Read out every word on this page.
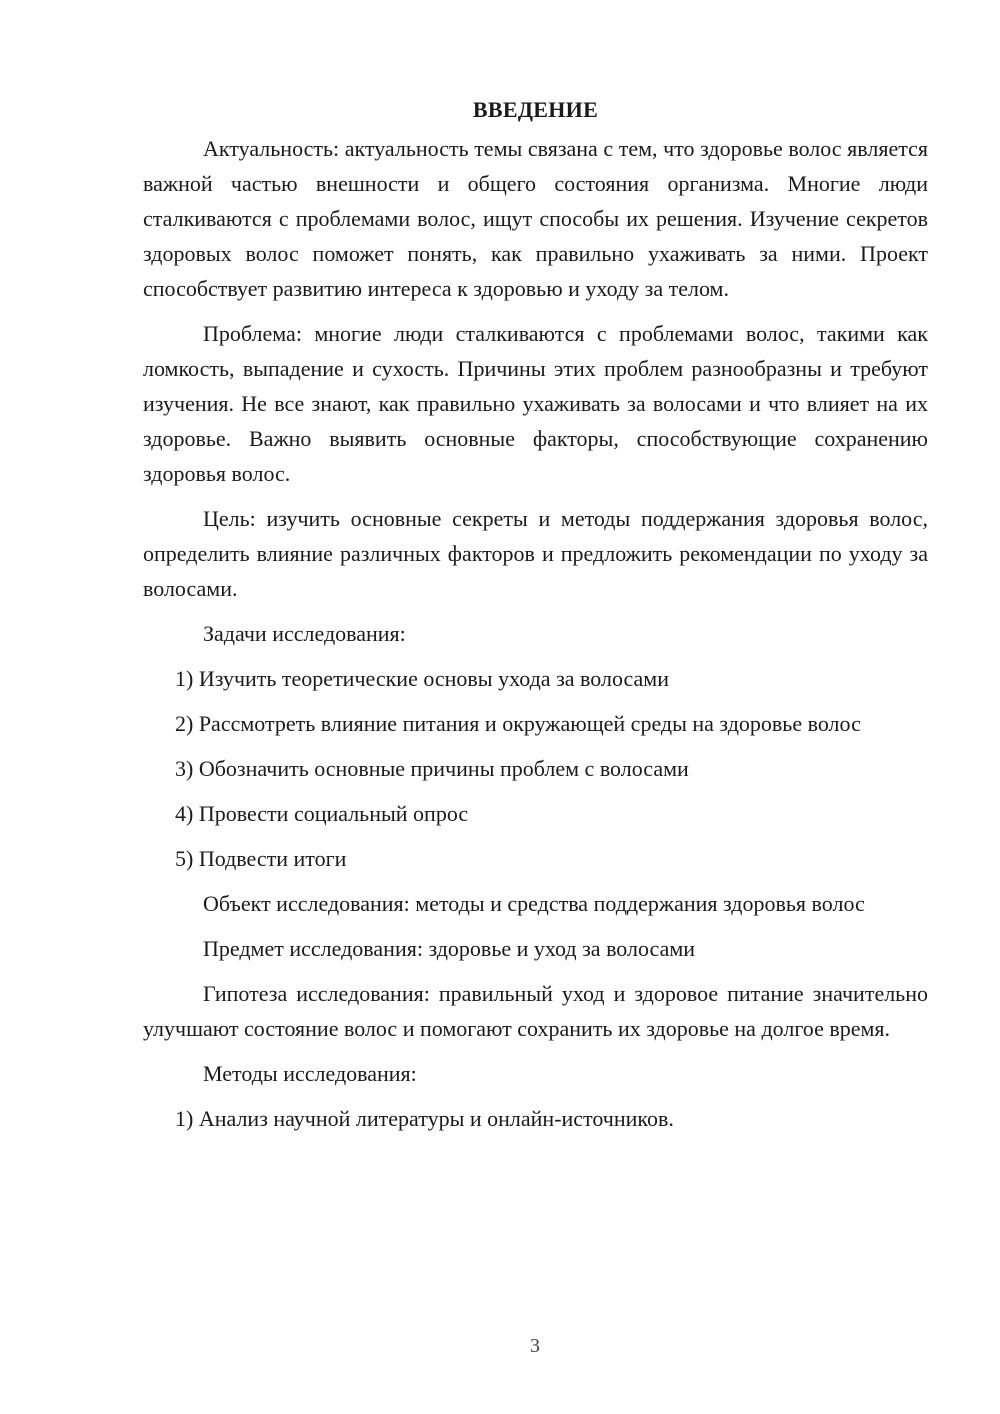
ВВЕДЕНИЕ

Актуальность: актуальность темы связана с тем, что здоровье волос является важной частью внешности и общего состояния организма. Многие люди сталкиваются с проблемами волос, ищут способы их решения. Изучение секретов здоровых волос поможет понять, как правильно ухаживать за ними. Проект способствует развитию интереса к здоровью и уходу за телом.

Проблема: многие люди сталкиваются с проблемами волос, такими как ломкость, выпадение и сухость. Причины этих проблем разнообразны и требуют изучения. Не все знают, как правильно ухаживать за волосами и что влияет на их здоровье. Важно выявить основные факторы, способствующие сохранению здоровья волос.

Цель: изучить основные секреты и методы поддержания здоровья волос, определить влияние различных факторов и предложить рекомендации по уходу за волосами.

Задачи исследования:

1) Изучить теоретические основы ухода за волосами

2) Рассмотреть влияние питания и окружающей среды на здоровье волос

3) Обозначить основные причины проблем с волосами

4) Провести социальный опрос

5) Подвести итоги

Объект исследования: методы и средства поддержания здоровья волос

Предмет исследования: здоровье и уход за волосами

Гипотеза исследования: правильный уход и здоровое питание значительно улучшают состояние волос и помогают сохранить их здоровье на долгое время.

Методы исследования:

1) Анализ научной литературы и онлайн-источников.

3
